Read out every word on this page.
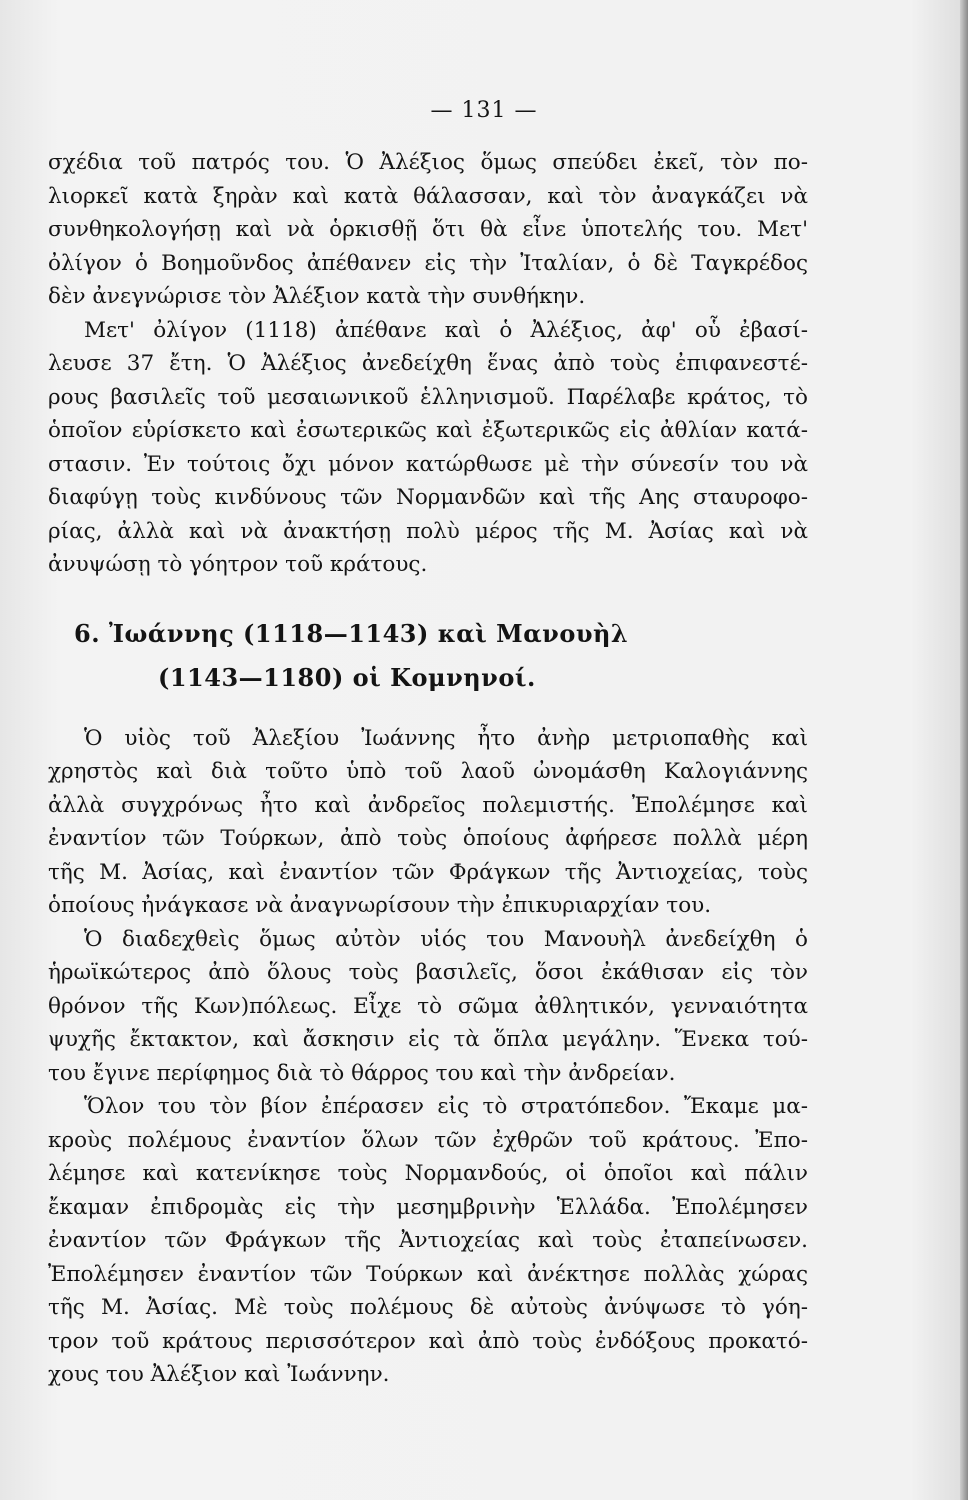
— 131 —
σχέδια τοῦ πατρός του. Ὁ Ἀλέξιος ὅμως σπεύδει ἐκεῖ, τὸν πο-
λιορκεῖ κατὰ ξηρὰν καὶ κατὰ θάλασσαν, καὶ τὸν ἀναγκάζει νὰ
συνθηκολογήσῃ καὶ νὰ ὁρκισθῇ ὅτι θὰ εἶνε ὑποτελής του. Μετ'
ὀλίγον ὁ Βοημοῦνδος ἀπέθανεν εἰς τὴν Ἰταλίαν, ὁ δὲ Ταγκρέδος
δὲν ἀνεγνώρισε τὸν Ἀλέξιον κατὰ τὴν συνθήκην.
Μετ' ὀλίγον (1118) ἀπέθανε καὶ ὁ Ἀλέξιος, ἀφ' οὗ ἐβασί-
λευσε 37 ἔτη. Ὁ Ἀλέξιος ἀνεδείχθη ἕνας ἀπὸ τοὺς ἐπιφανεστέ-
ρους βασιλεῖς τοῦ μεσαιωνικοῦ ἑλληνισμοῦ. Παρέλαβε κράτος, τὸ
ὁποῖον εὑρίσκετο καὶ ἐσωτερικῶς καὶ ἐξωτερικῶς εἰς ἀθλίαν κατά-
στασιν. Ἐν τούτοις ὄχι μόνον κατώρθωσε μὲ τὴν σύνεσίν του νὰ
διαφύγῃ τοὺς κινδύνους τῶν Νορμανδῶν καὶ τῆς Αης σταυροφο-
ρίας, ἀλλὰ καὶ νὰ ἀνακτήσῃ πολὺ μέρος τῆς Μ. Ἀσίας καὶ νὰ
ἀνυψώσῃ τὸ γόητρον τοῦ κράτους.
6. Ἰωάννης (1118—1143) καὶ Μανουὴλ
(1143—1180) οἱ Κομνηνοί.
Ὁ υἱὸς τοῦ Ἀλεξίου Ἰωάννης ἦτο ἀνὴρ μετριοπαθὴς καὶ
χρηστὸς καὶ διὰ τοῦτο ὑπὸ τοῦ λαοῦ ὠνομάσθη Καλογιάννης
ἀλλὰ συγχρόνως ἦτο καὶ ἀνδρεῖος πολεμιστής. Ἐπολέμησε καὶ
ἐναντίον τῶν Τούρκων, ἀπὸ τοὺς ὁποίους ἀφήρεσε πολλὰ μέρη
τῆς Μ. Ἀσίας, καὶ ἐναντίον τῶν Φράγκων τῆς Ἀντιοχείας, τοὺς
ὁποίους ἠνάγκασε νὰ ἀναγνωρίσουν τὴν ἐπικυριαρχίαν του.
Ὁ διαδεχθεὶς ὅμως αὐτὸν υἱός του Μανουὴλ ἀνεδείχθη ὁ
ἡρωϊκώτερος ἀπὸ ὅλους τοὺς βασιλεῖς, ὅσοι ἐκάθισαν εἰς τὸν
θρόνον τῆς Κων)πόλεως. Εἶχε τὸ σῶμα ἀθλητικόν, γενναιότητα
ψυχῆς ἔκτακτον, καὶ ἄσκησιν εἰς τὰ ὅπλα μεγάλην. Ἕνεκα τού-
του ἔγινε περίφημος διὰ τὸ θάρρος του καὶ τὴν ἀνδρείαν.
Ὅλον του τὸν βίον ἐπέρασεν εἰς τὸ στρατόπεδον. Ἔκαμε μα-
κροὺς πολέμους ἐναντίον ὅλων τῶν ἐχθρῶν τοῦ κράτους. Ἐπο-
λέμησε καὶ κατενίκησε τοὺς Νορμανδούς, οἱ ὁποῖοι καὶ πάλιν
ἔκαμαν ἐπιδρομὰς εἰς τὴν μεσημβρινὴν Ἑλλάδα. Ἐπολέμησεν
ἐναντίον τῶν Φράγκων τῆς Ἀντιοχείας καὶ τοὺς ἐταπείνωσεν.
Ἐπολέμησεν ἐναντίον τῶν Τούρκων καὶ ἀνέκτησε πολλὰς χώρας
τῆς Μ. Ἀσίας. Μὲ τοὺς πολέμους δὲ αὐτοὺς ἀνύψωσε τὸ γόη-
τρον τοῦ κράτους περισσότερον καὶ ἀπὸ τοὺς ἐνδόξους προκατό-
χους του Ἀλέξιον καὶ Ἰωάννην.
